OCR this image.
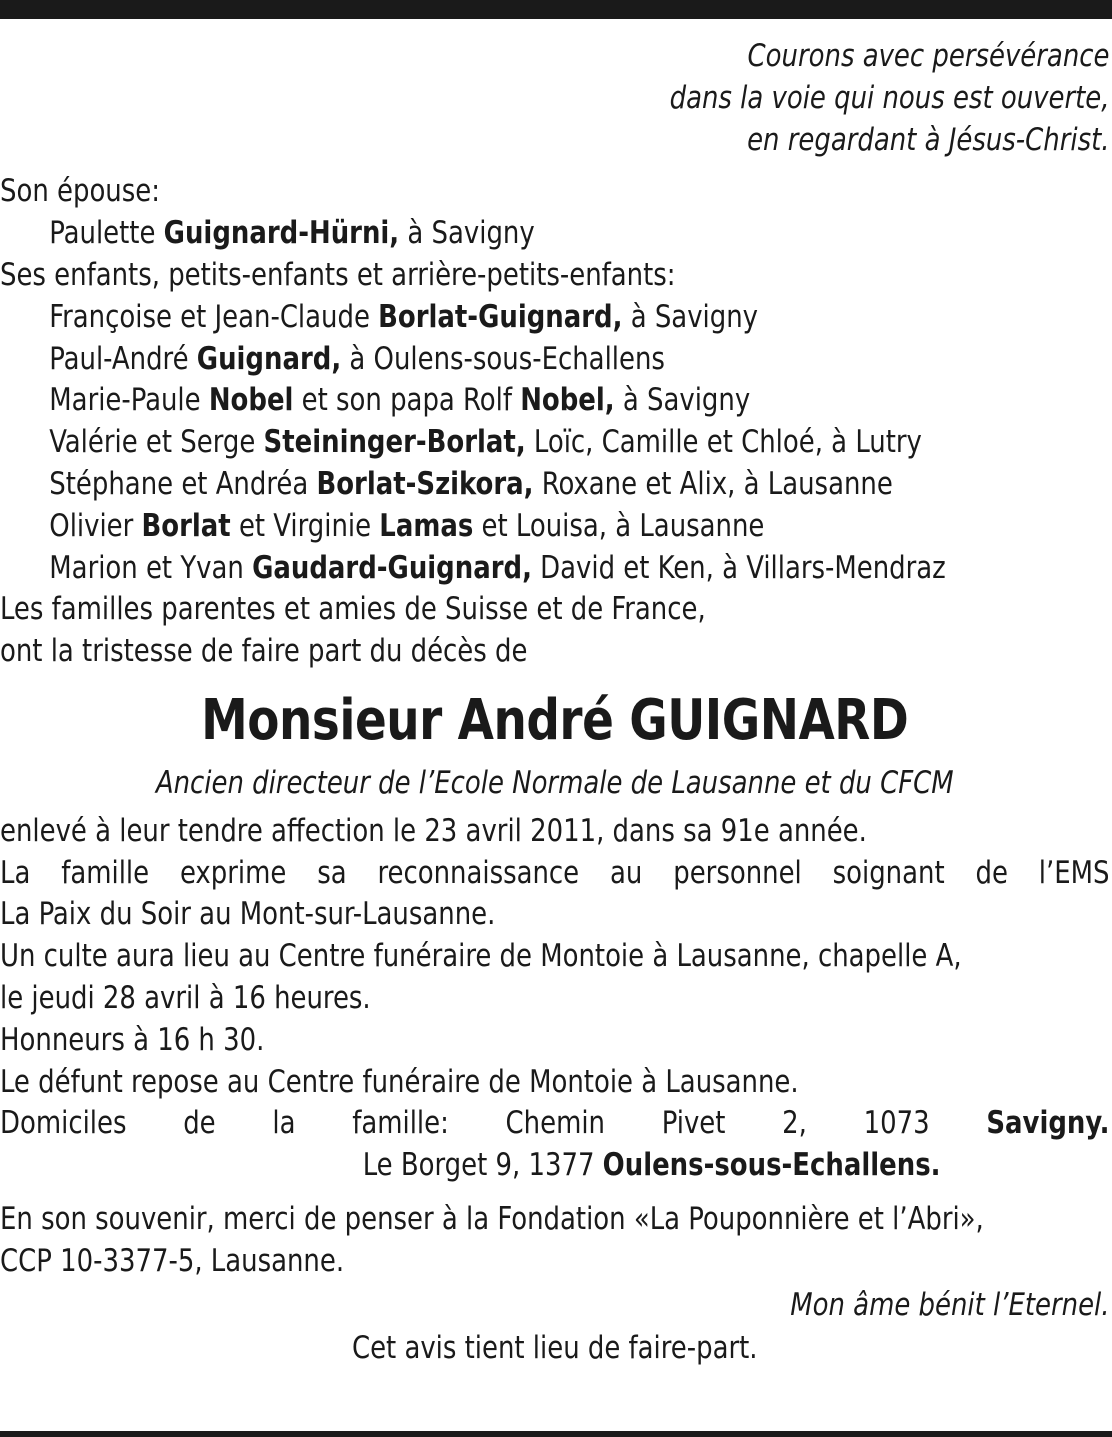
Courons avec persévérance
dans la voie qui nous est ouverte,
en regardant à Jésus-Christ.
Son épouse:
Paulette Guignard-Hürni, à Savigny
Ses enfants, petits-enfants et arrière-petits-enfants:
Françoise et Jean-Claude Borlat-Guignard, à Savigny
Paul-André Guignard, à Oulens-sous-Echallens
Marie-Paule Nobel et son papa Rolf Nobel, à Savigny
Valérie et Serge Steininger-Borlat, Loïc, Camille et Chloé, à Lutry
Stéphane et Andréa Borlat-Szikora, Roxane et Alix, à Lausanne
Olivier Borlat et Virginie Lamas et Louisa, à Lausanne
Marion et Yvan Gaudard-Guignard, David et Ken, à Villars-Mendraz
Les familles parentes et amies de Suisse et de France,
ont la tristesse de faire part du décès de
Monsieur André GUIGNARD
Ancien directeur de l’Ecole Normale de Lausanne et du CFCM
enlevé à leur tendre affection le 23 avril 2011, dans sa 91e année.
La famille exprime sa reconnaissance au personnel soignant de l’EMS
La Paix du Soir au Mont-sur-Lausanne.
Un culte aura lieu au Centre funéraire de Montoie à Lausanne, chapelle A,
le jeudi 28 avril à 16 heures.
Honneurs à 16 h 30.
Le défunt repose au Centre funéraire de Montoie à Lausanne.
Domiciles de la famille: Chemin Pivet 2, 1073 Savigny.
Le Borget 9, 1377 Oulens-sous-Echallens.
En son souvenir, merci de penser à la Fondation «La Pouponnière et l’Abri»,
CCP 10-3377-5, Lausanne.
Mon âme bénit l’Eternel.
Cet avis tient lieu de faire-part.
